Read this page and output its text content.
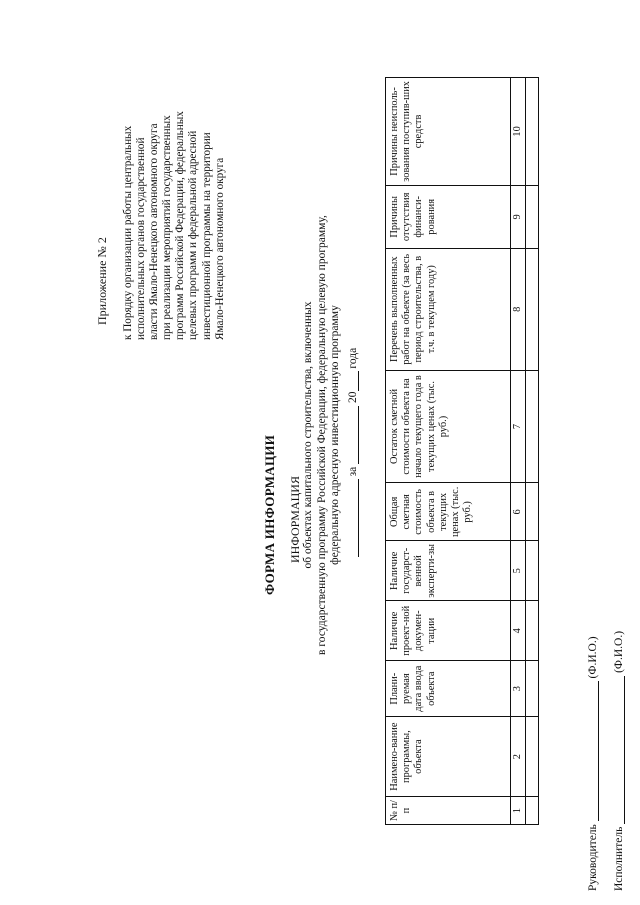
Приложение № 2 к Порядку организации работы центральных исполнительных органов государственной власти Ямало-Ненецкого автономного округа при реализации мероприятий государственных программ Российской Федерации, федеральных целевых программ и федеральной адресной инвестиционной программы на территории Ямало-Ненецкого автономного округа
ФОРМА ИНФОРМАЦИИ ИНФОРМАЦИЯ об объектах капитального строительства, включенных в государственную программу Российской Федерации, федеральную целевую программу, федеральную адресную инвестиционную программу за  20 года
№ п/п	Наимено-вание программы, объекта	Плани-руемая дата ввода объекта	Наличие проект-ной докумен-тации	Наличие государст-венной эксперти-зы	Общая сметная стоимость объекта в текущих ценах (тыс. руб.)	Остаток сметной стоимости объекта на начало текущего года в текущих ценах (тыс. руб.)	Перечень выполненных работ на объекте (за весь период строительства, в т.ч. в текущем году)	Причины отсутствия финанси-рования	Причины неисполь-зования поступив-ших средств
1	2	3	4	5	6	7	8	9	10

Руководитель  (Ф.И.О.)
Исполнитель  (Ф.И.О.)
